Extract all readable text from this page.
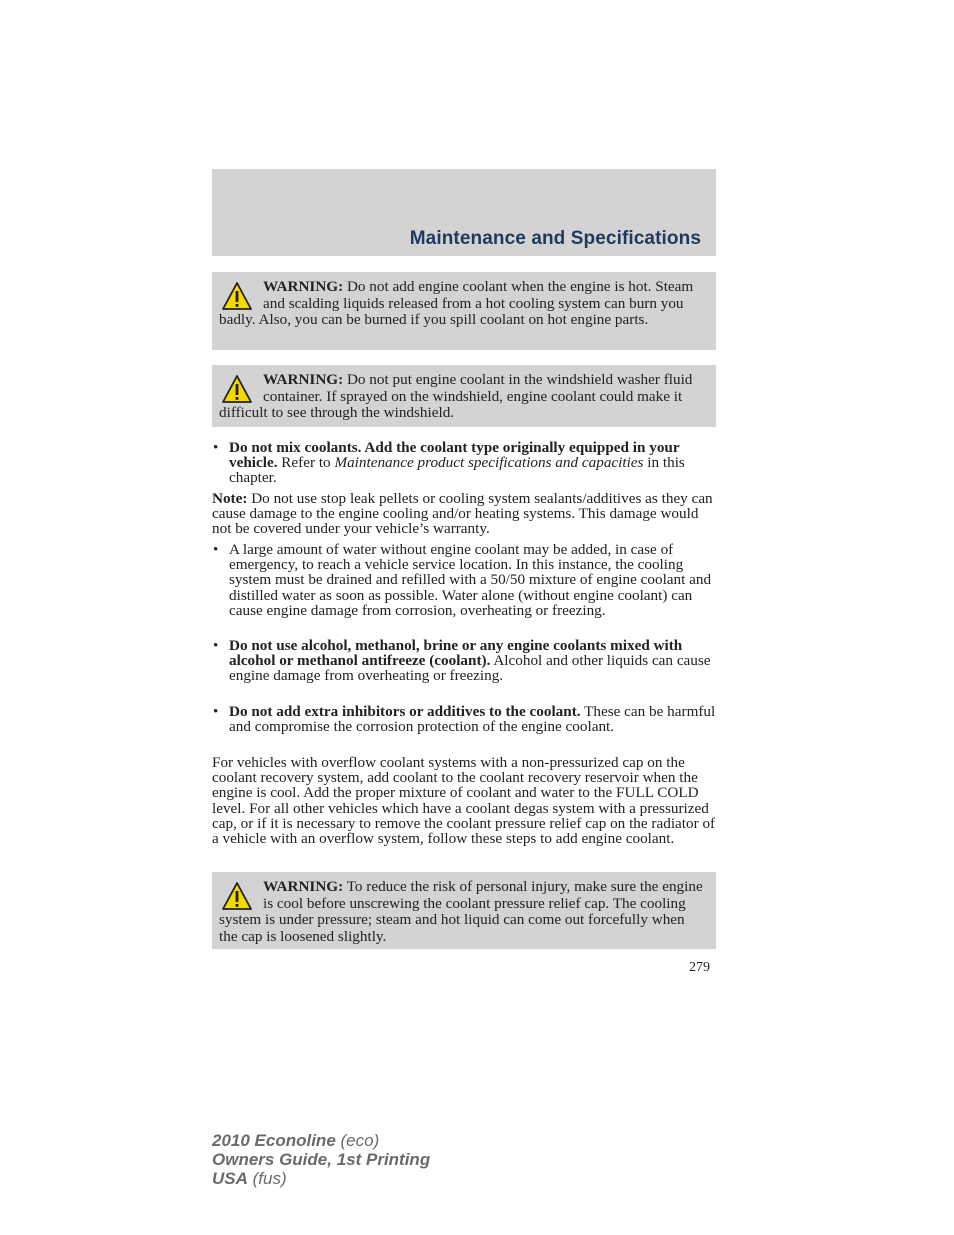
Maintenance and Specifications
WARNING: Do not add engine coolant when the engine is hot. Steam and scalding liquids released from a hot cooling system can burn you badly. Also, you can be burned if you spill coolant on hot engine parts.
WARNING: Do not put engine coolant in the windshield washer fluid container. If sprayed on the windshield, engine coolant could make it difficult to see through the windshield.
• Do not mix coolants. Add the coolant type originally equipped in your vehicle. Refer to Maintenance product specifications and capacities in this chapter.
Note: Do not use stop leak pellets or cooling system sealants/additives as they can cause damage to the engine cooling and/or heating systems. This damage would not be covered under your vehicle’s warranty.
• A large amount of water without engine coolant may be added, in case of emergency, to reach a vehicle service location. In this instance, the cooling system must be drained and refilled with a 50/50 mixture of engine coolant and distilled water as soon as possible. Water alone (without engine coolant) can cause engine damage from corrosion, overheating or freezing.
• Do not use alcohol, methanol, brine or any engine coolants mixed with alcohol or methanol antifreeze (coolant). Alcohol and other liquids can cause engine damage from overheating or freezing.
• Do not add extra inhibitors or additives to the coolant. These can be harmful and compromise the corrosion protection of the engine coolant.
For vehicles with overflow coolant systems with a non-pressurized cap on the coolant recovery system, add coolant to the coolant recovery reservoir when the engine is cool. Add the proper mixture of coolant and water to the FULL COLD level. For all other vehicles which have a coolant degas system with a pressurized cap, or if it is necessary to remove the coolant pressure relief cap on the radiator of a vehicle with an overflow system, follow these steps to add engine coolant.
WARNING: To reduce the risk of personal injury, make sure the engine is cool before unscrewing the coolant pressure relief cap. The cooling system is under pressure; steam and hot liquid can come out forcefully when the cap is loosened slightly.
279
2010 Econoline (eco)
Owners Guide, 1st Printing
USA (fus)
